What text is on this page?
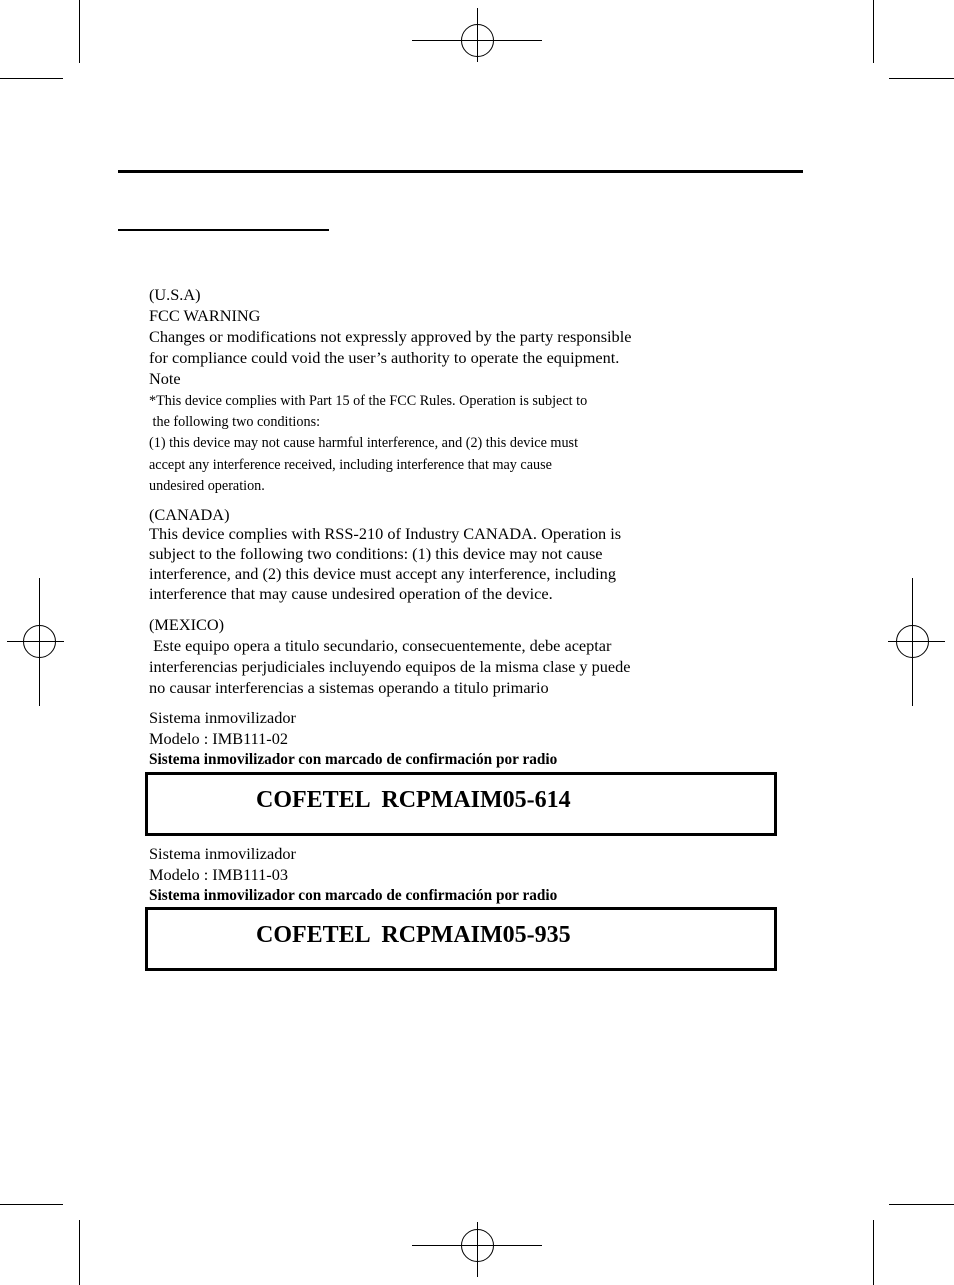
(U.S.A)
FCC WARNING
Changes or modifications not expressly approved by the party responsible
for compliance could void the user’s authority to operate the equipment.
Note
*This device complies with Part 15 of the FCC Rules. Operation is subject to
the following two conditions:
(1) this device may not cause harmful interference, and (2) this device must
accept any interference received, including interference that may cause
undesired operation.
(CANADA)
This device complies with RSS-210 of Industry CANADA. Operation is
subject to the following two conditions: (1) this device may not cause
interference, and (2) this device must accept any interference, including
interference that may cause undesired operation of the device.
(MEXICO)
Este equipo opera a titulo secundario, consecuentemente, debe aceptar
interferencias perjudiciales incluyendo equipos de la misma clase y puede
no causar interferencias a sistemas operando a titulo primario
Sistema inmovilizador
Modelo : IMB111-02
Sistema inmovilizador con marcado de confirmación por radio
COFETEL  RCPMAIM05-614
Sistema inmovilizador
Modelo : IMB111-03
Sistema inmovilizador con marcado de confirmación por radio
COFETEL  RCPMAIM05-935
